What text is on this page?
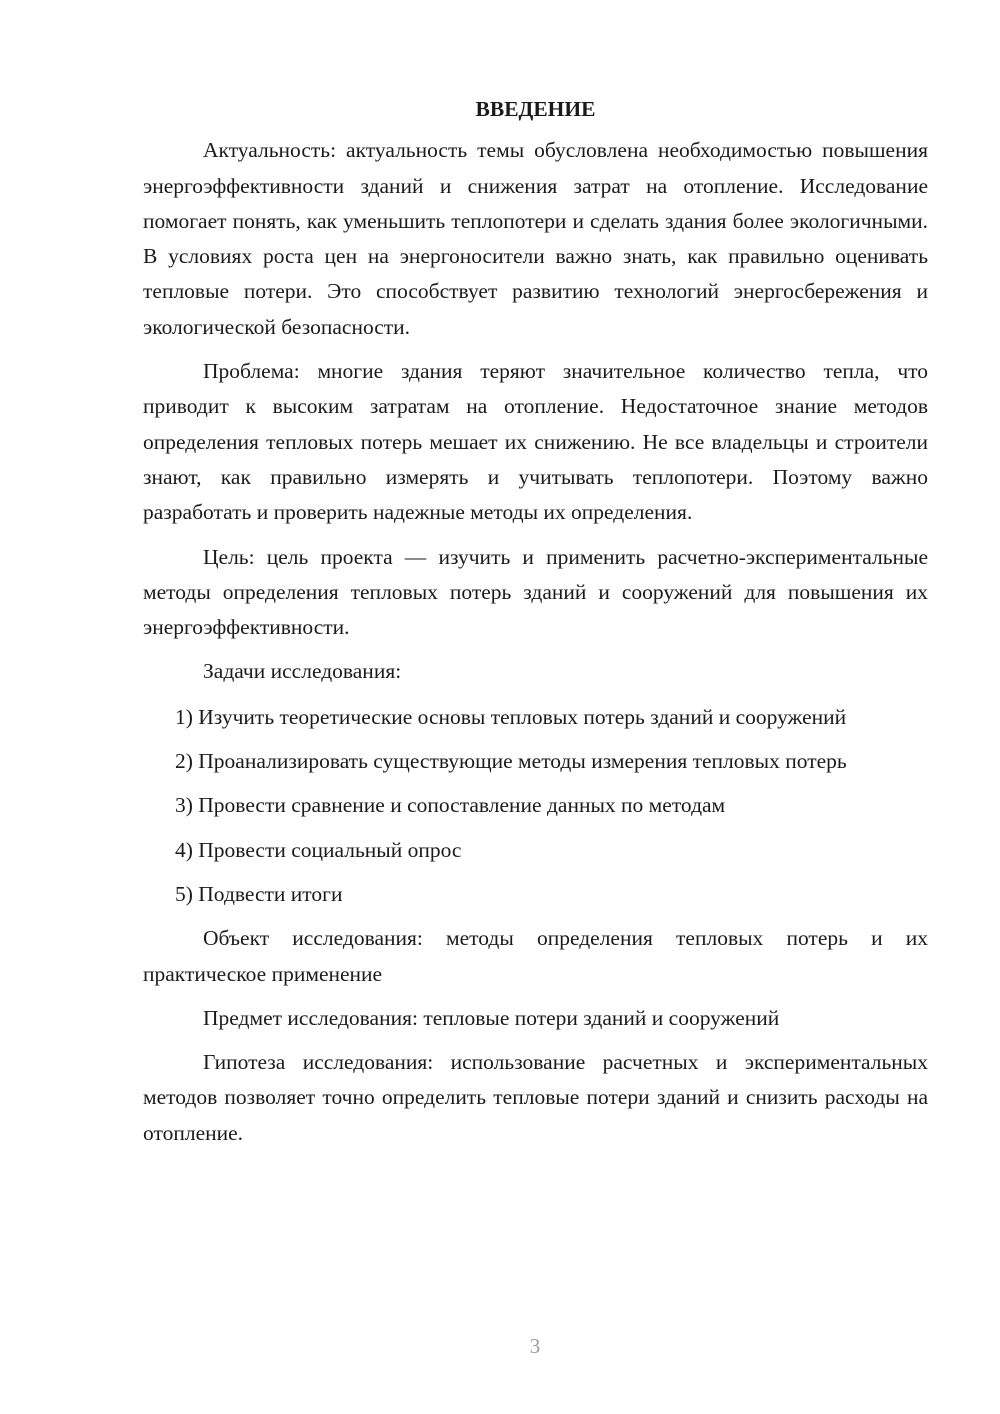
ВВЕДЕНИЕ

Актуальность: актуальность темы обусловлена необходимостью повышения энергоэффективности зданий и снижения затрат на отопление. Исследование помогает понять, как уменьшить теплопотери и сделать здания более экологичными. В условиях роста цен на энергоносители важно знать, как правильно оценивать тепловые потери. Это способствует развитию технологий энергосбережения и экологической безопасности.

Проблема: многие здания теряют значительное количество тепла, что приводит к высоким затратам на отопление. Недостаточное знание методов определения тепловых потерь мешает их снижению. Не все владельцы и строители знают, как правильно измерять и учитывать теплопотери. Поэтому важно разработать и проверить надежные методы их определения.

Цель: цель проекта — изучить и применить расчетно-экспериментальные методы определения тепловых потерь зданий и сооружений для повышения их энергоэффективности.

Задачи исследования:

1) Изучить теоретические основы тепловых потерь зданий и сооружений

2) Проанализировать существующие методы измерения тепловых потерь

3) Провести сравнение и сопоставление данных по методам

4) Провести социальный опрос

5) Подвести итоги

Объект исследования: методы определения тепловых потерь и их практическое применение

Предмет исследования: тепловые потери зданий и сооружений

Гипотеза исследования: использование расчетных и экспериментальных методов позволяет точно определить тепловые потери зданий и снизить расходы на отопление.

3
